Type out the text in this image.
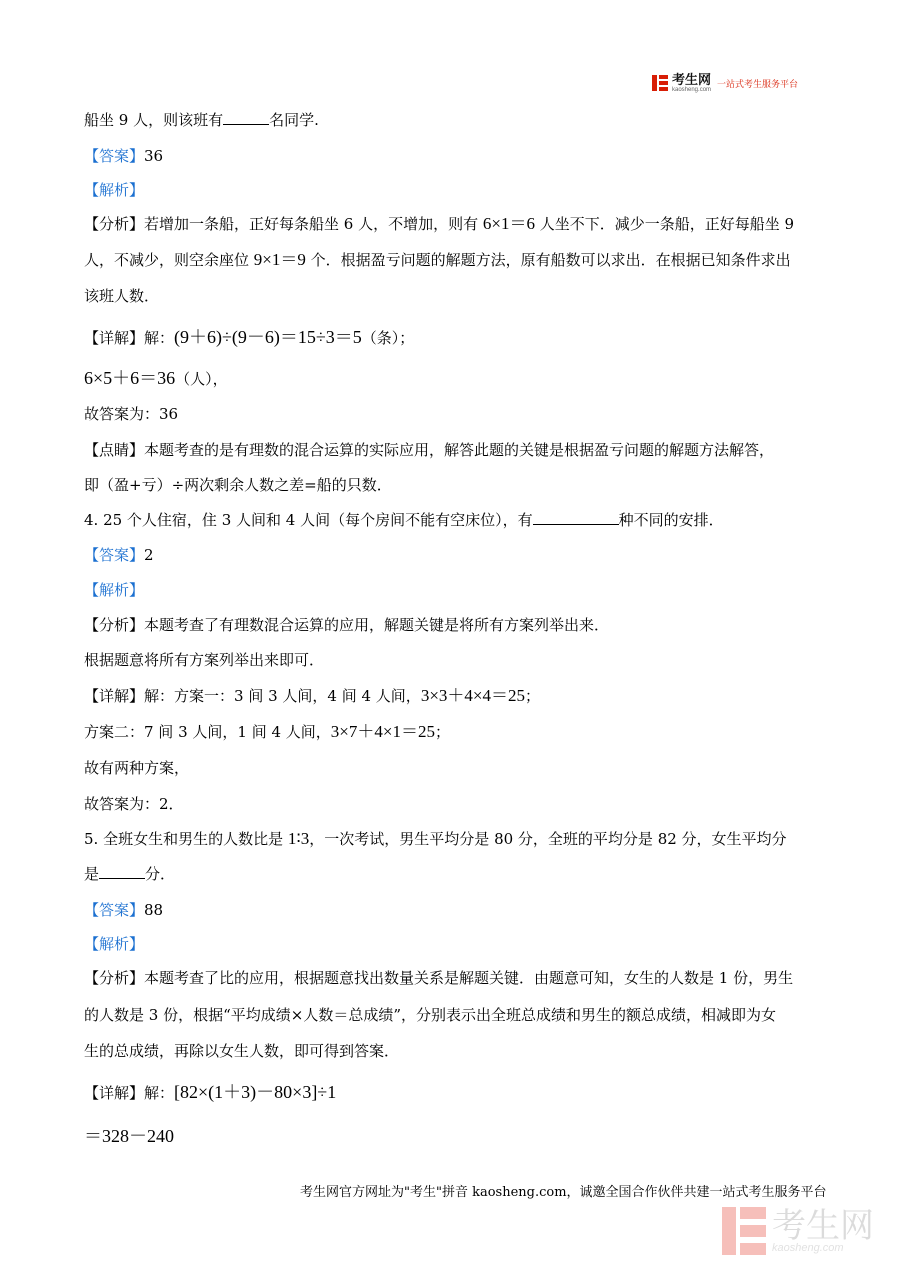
考生网
kaosheng.com
一站式考生服务平台
船坐 9 人，则该班有	名同学.
【答案】36
【解析】
【分析】若增加一条船，正好每条船坐 6 人，不增加，则有 6×1＝6 人坐不下．减少一条船，正好每船坐 9
人，不减少，则空余座位 9×1＝9 个．根据盈亏问题的解题方法，原有船数可以求出．在根据已知条件求出
该班人数．
【详解】解：(9＋6)÷(9－6)＝15÷3＝5（条）；
6×5＋6＝36（人），
故答案为：36
【点睛】本题考查的是有理数的混合运算的实际应用，解答此题的关键是根据盈亏问题的解题方法解答，
即（盈+亏）÷两次剩余人数之差=船的只数．
4. 25 个人住宿，住 3 人间和 4 人间（每个房间不能有空床位），有	种不同的安排．
【答案】2
【解析】
【分析】本题考查了有理数混合运算的应用，解题关键是将所有方案列举出来．
根据题意将所有方案列举出来即可．
【详解】解：方案一：3 间 3 人间，4 间 4 人间，3×3＋4×4＝25；
方案二：7 间 3 人间，1 间 4 人间，3×7＋4×1＝25；
故有两种方案，
故答案为：2．
5. 全班女生和男生的人数比是 1∶3，一次考试，男生平均分是 80 分，全班的平均分是 82 分，女生平均分
是	分．
【答案】88
【解析】
【分析】本题考查了比的应用，根据题意找出数量关系是解题关键．由题意可知，女生的人数是 1 份，男生
的人数是 3 份，根据“平均成绩×人数＝总成绩”，分别表示出全班总成绩和男生的额总成绩，相减即为女
生的总成绩，再除以女生人数，即可得到答案．
【详解】解：[82×(1＋3)－80×3]÷1
＝328－240
考生网官方网址为"考生"拼音 kaosheng.com，诚邀全国合作伙伴共建一站式考生服务平台
考生网
kaosheng.com
